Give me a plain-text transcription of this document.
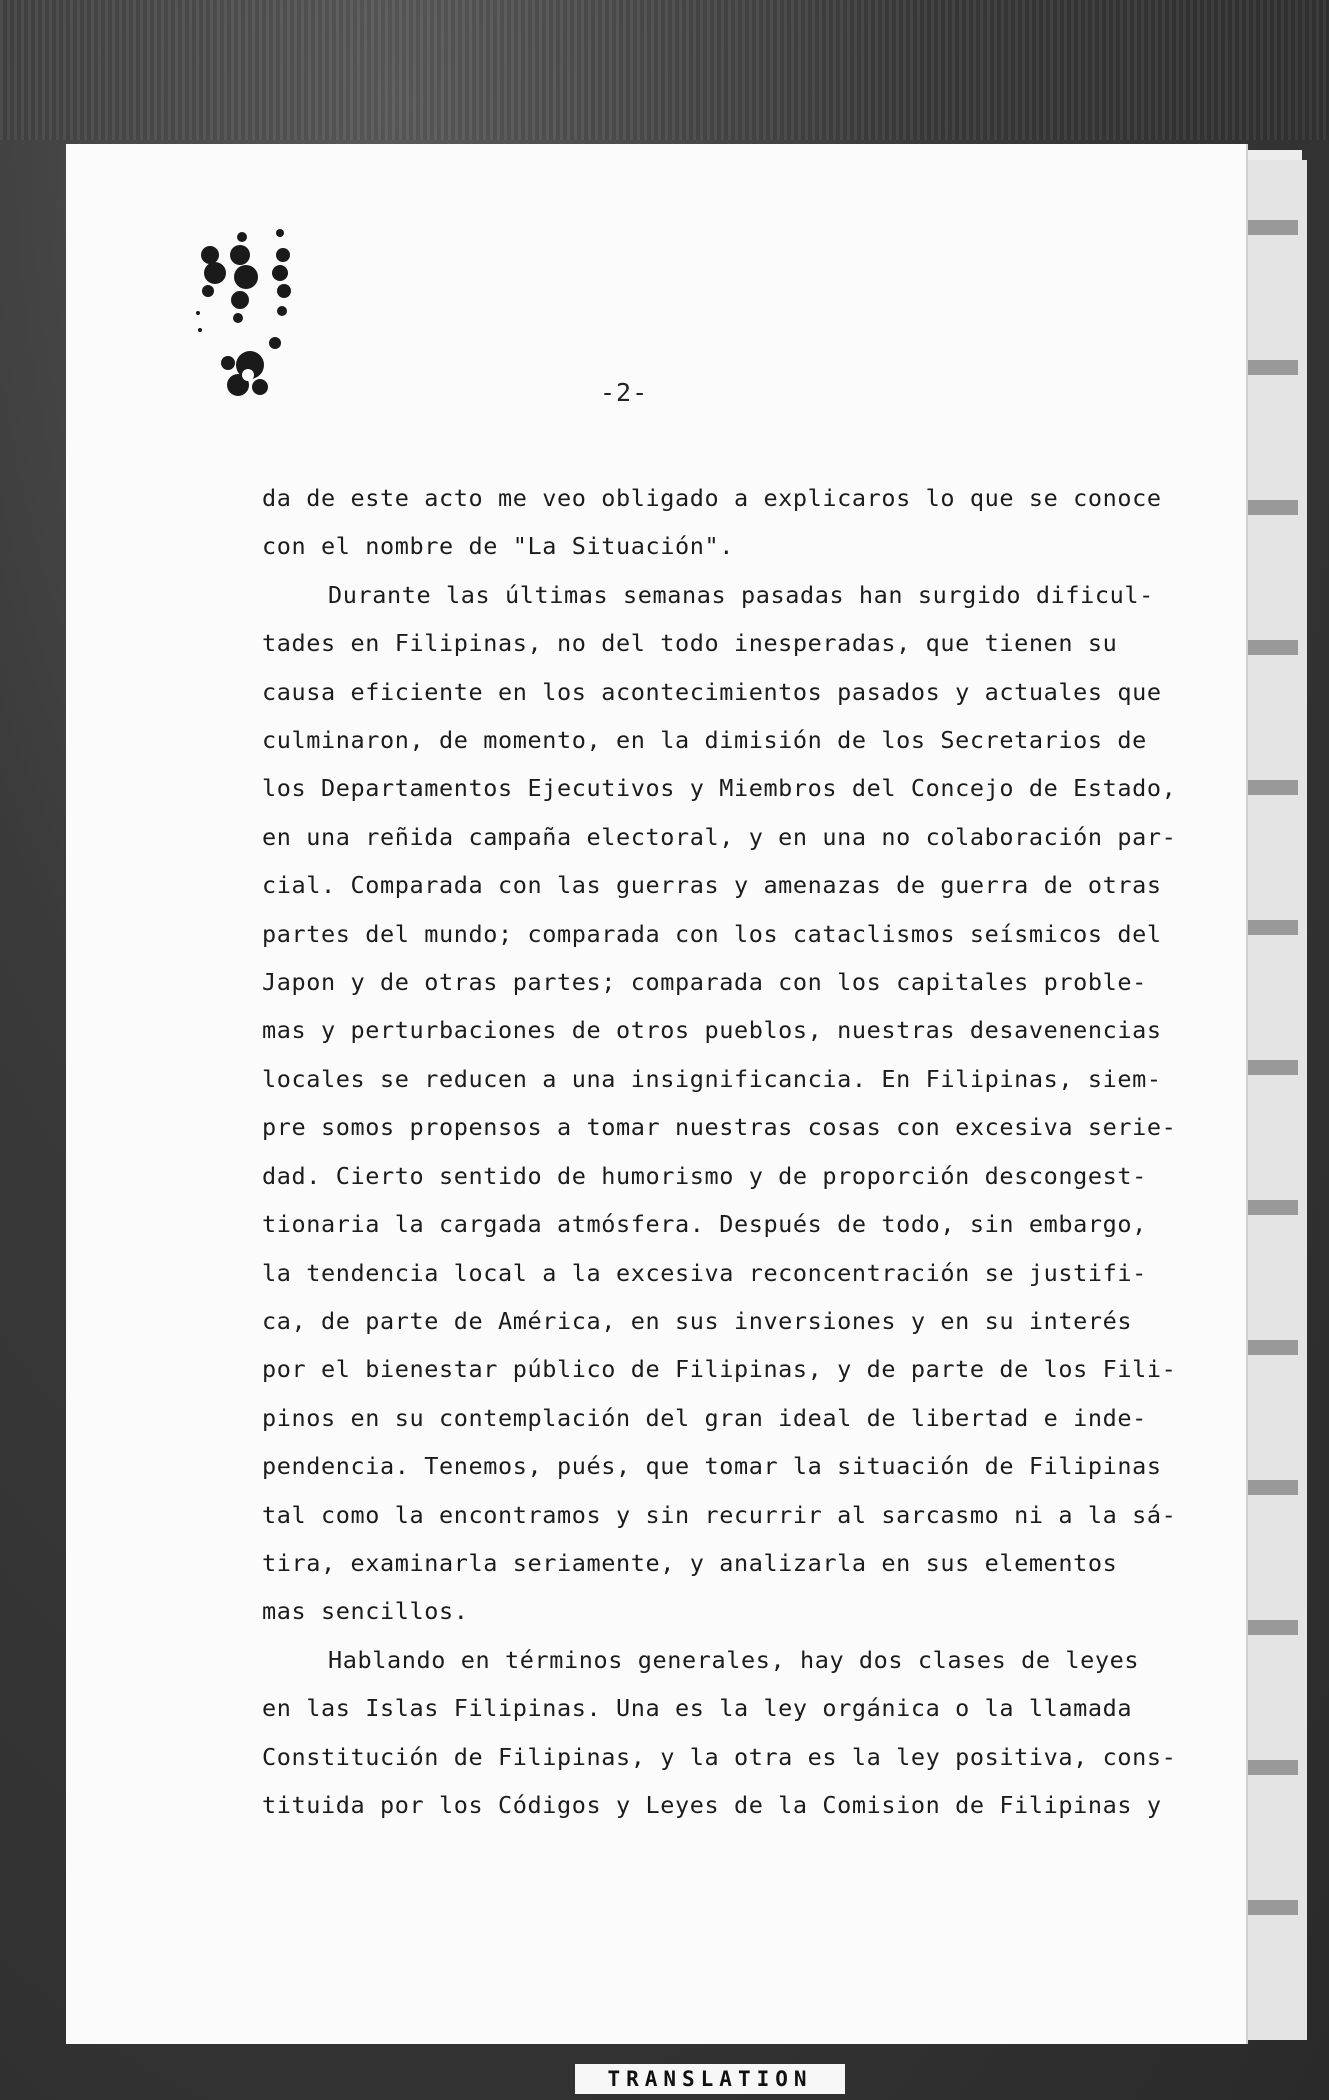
-2-
da de este acto me veo obligado a explicaros lo que se conoce
con el nombre de "La Situación".
Durante las últimas semanas pasadas han surgido dificul-
tades en Filipinas, no del todo inesperadas, que tienen su
causa eficiente en los acontecimientos pasados y actuales que
culminaron, de momento, en la dimisión de los Secretarios de
los Departamentos Ejecutivos y Miembros del Concejo de Estado,
en una reñida campaña electoral, y en una no colaboración par-
cial. Comparada con las guerras y amenazas de guerra de otras
partes del mundo; comparada con los cataclismos seísmicos del
Japon y de otras partes; comparada con los capitales proble-
mas y perturbaciones de otros pueblos, nuestras desavenencias
locales se reducen a una insignificancia. En Filipinas, siem-
pre somos propensos a tomar nuestras cosas con excesiva serie-
dad. Cierto sentido de humorismo y de proporción descongest-
tionaria la cargada atmósfera. Después de todo, sin embargo,
la tendencia local a la excesiva reconcentración se justifi-
ca, de parte de América, en sus inversiones y en su interés
por el bienestar público de Filipinas, y de parte de los Fili-
pinos en su contemplación del gran ideal de libertad e inde-
pendencia. Tenemos, pués, que tomar la situación de Filipinas
tal como la encontramos y sin recurrir al sarcasmo ni a la sá-
tira, examinarla seriamente, y analizarla en sus elementos
mas sencillos.
Hablando en términos generales, hay dos clases de leyes
en las Islas Filipinas. Una es la ley orgánica o la llamada
Constitución de Filipinas, y la otra es la ley positiva, cons-
tituida por los Códigos y Leyes de la Comision de Filipinas y
TRANSLATION
